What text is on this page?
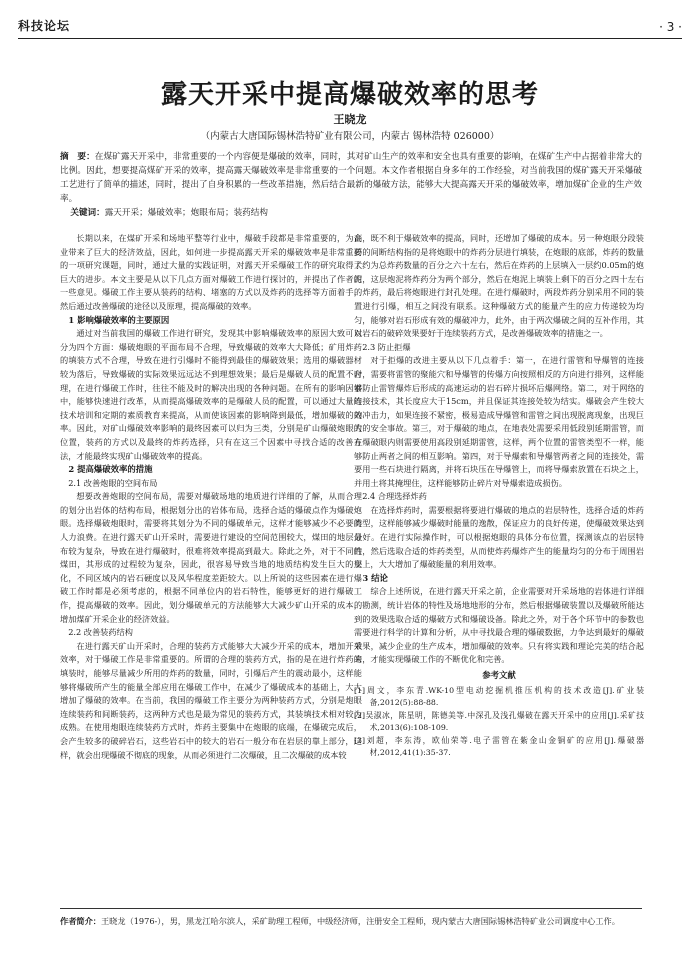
科技论坛	· 3 ·
露天开采中提高爆破效率的思考
王晓龙
（内蒙古大唐国际锡林浩特矿业有限公司，内蒙古 锡林浩特 026000）
摘　要：在煤矿露天开采中，非常重要的一个内容便是爆破的效率，同时，其对矿山生产的效率和安全也具有重要的影响，在煤矿生产中占据着非常大的比例。因此，想要提高煤矿开采的效率，提高露天爆破效率是非常重要的一个问题。本文作者根据自身多年的工作经验，对当前我国的煤矿露天开采爆破工艺进行了简单的描述，同时，提出了自身积累的一些改革措施，然后结合最新的爆破方法，能够大大提高露天开采的爆破效率，增加煤矿企业的生产效率。
关键词：露天开采；爆破效率；炮眼布局；装药结构

长期以来，在煤矿开采和场地平整等行业中，爆破手段都是非常重要的，为企业带来了巨大的经济效益，因此，如何进一步提高露天开采的爆破效率是非常重要的一项研究课题，同时，通过大量的实践证明，对露天开采爆破工作的研究取得了巨大的进步。本文主要是从以下几点方面对爆破工作进行探讨的，并提出了作者的一些意见。爆破工作主要从装药的结构、堵塞的方式以及炸药的选择等方面着手，然后通过改善爆破的途径以及原理，提高爆破的效率。

1 影响爆破效率的主要原因

通过对当前我国的爆破工作进行研究，发现其中影响爆破效率的原因大致可以分为四个方面：爆破炮眼的平面布局不合理，导致爆破的效率大大降低；矿用炸药的填装方式不合理，导致在进行引爆时不能得到最佳的爆破效果；选用的爆破器材较为落后，导致爆破的实际效果远远达不到理想效果；最后是爆破人员的配置不合理，在进行爆破工作时，往往不能及时的解决出现的各种问题。在所有的影响因素中，能够快速进行改革，从而提高爆破效率的是爆破人员的配置，可以通过大量的技术培训和定期的素质教育来提高，从而使该因素的影响降到最低，增加爆破的效率。因此，对矿山爆破效率影响的最终因素可以归为三类，分别是矿山爆破炮眼的位置，装药的方式以及最终的炸药选择，只有在这三个因素中寻找合适的改善方法，才能最终实现矿山爆破效率的提高。

2 提高爆破效率的措施
2.1 改善炮眼的空间布局

想要改善炮眼的空间布局，需要对爆破场地的地质进行详细的了解，从而合理的划分出岩体的结构布局，根据划分出的岩体布局，选择合适的爆破点作为爆破炮眼。选择爆破炮眼时，需要将其划分为不同的爆破单元，这样才能够减少不必要的人力浪费。在进行露天矿山开采时，需要进行建设的空间范围较大，煤田的地层分布较为复杂，导致在进行爆破时，很难将效率提高到最大。除此之外，对于不同的煤田，其形成的过程较为复杂，因此，很容易导致当地的地质结构发生巨大的变化，不同区域内的岩石硬度以及风华程度差距较大。以上所说的这些因素在进行爆破工作时都是必须考虑的，根据不同单位内的岩石特性，能够更好的进行爆破工作，提高爆破的效率。因此，划分爆破单元的方法能够大大减少矿山开采的成本，增加煤矿开采企业的经济效益。

2.2 改善装药结构

在进行露天矿山开采时，合理的装药方式能够大大减少开采的成本，增加开采效率，对于爆破工作是非常重要的。所谓的合理的装药方式，指的是在进行炸药的填装时，能够尽量减少所用的炸药的数量，同时，引爆后产生的震动最小，这样能够将爆破所产生的能量全部应用在爆破工作中，在减少了爆破成本的基础上，大大增加了爆破的效率。在当前，我国的爆破工作主要分为两种装药方式，分别是炮眼连续装药和间断装药，这两种方式也是最为常见的装药方式，其装填技术相对较为成熟。在使用炮眼连续装药方式时，炸药主要集中在炮眼的底端，在爆破完成后，会产生较多的破碎岩石，这些岩石中的较大的岩石一般分布在岩层的靠上部分，这样，就会出现爆破不彻底的现象，从而必须进行二次爆破，且二次爆破的成本较

高，既不利于爆破效率的提高，同时，还增加了爆破的成本。另一种炮眼分段装药的间断结构指的是将炮眼中的炸药分层进行填装，在炮眼的底部，炸药的数量大约为总炸药数量的百分之六十左右，然后在炸药的上层填入一层约0.05m的炮泥，这层炮泥将炸药分为两个部分，然后在炮泥上填装上剩下的百分之四十左右的炸药，最后将炮眼进行封孔处理。在进行爆破时，两段炸药分别采用不同的装置进行引爆，相互之间没有联系。这种爆破方式的能量产生的应力传递较为均匀，能够对岩石形成有效的爆破冲力，此外，由于两次爆破之间的互补作用，其对岩石的破碎效果要好于连续装药方式，是改善爆破效率的措施之一。

2.3 防止拒爆

对于拒爆的改进主要从以下几点着手：第一，在进行雷管和导爆管的连接时，需要将雷管的聚能穴和导爆管的传爆方向按照相反的方向进行排列，这样能够防止雷管爆炸后形成的高速运动的岩石碎片损坏后爆网络。第二，对于网络的连接技术，其长度应大于15cm，并且保证其连接处较为结实。爆破会产生较大的冲击力，如果连接不紧密，极易造成导爆管和雷管之间出现脱离现象，出现巨大的安全事故。第三，对于爆破的地点，在地表处需要采用低段别延期雷管，而在爆破眼内则需要使用高段别延期雷管，这样，两个位置的雷管类型不一样，能够防止两者之间的相互影响。第四，对于导爆索和导爆管两者之间的连接处，需要用一些石块进行隔离，并将石块压在导爆管上，而将导爆索放置在石块之上，并用土将其掩埋住，这样能够防止碎片对导爆索造成损伤。

2.4 合理选择炸药

在选择炸药时，需要根据将要进行爆破的地点的岩层特性，选择合适的炸药类型，这样能够减少爆破时能量的逸散，保证应力的良好传递，使爆破效果达到最好。在进行实际操作时，可以根据炮眼的具体分布位置，探测该点的岩层特性，然后选取合适的炸药类型，从而使炸药爆炸产生的能量均匀的分布于周围岩层上，大大增加了爆破能量的利用效率。

3 结论

综合上述所说，在进行露天开采之前，企业需要对开采场地的岩体进行详细的勘测，统计岩体的特性及场地地形的分布，然后根据爆破装置以及爆破所能达到的效果选取合适的爆破方式和爆破设备。除此之外，对于各个环节中的参数也需要进行科学的计算和分析，从中寻找最合理的爆破数据，力争达到最好的爆破效果，减少企业的生产成本，增加爆破的效率。只有将实践和理论完美的结合起来，才能实现爆破工作的不断优化和完善。

参考文献
[1]周文，李东青.WK-10型电动挖掘机推压机构的技术改造[J].矿业装备,2012(5):88-88.
[2]吴淑冰，陈星明，陈德美等.中深孔及浅孔爆破在露天开采中的应用[J].采矿技术,2013(6):108-109.
[3]刘超，李东涛，欧仙荣等.电子雷管在紫金山金铜矿的应用[J].爆破器材,2012,41(1):35-37.
作者简介：王晓龙（1976-），男，黑龙江哈尔滨人，采矿助理工程师，中级经济师，注册安全工程师，现内蒙古大唐国际锡林浩特矿业公司调度中心工作。
